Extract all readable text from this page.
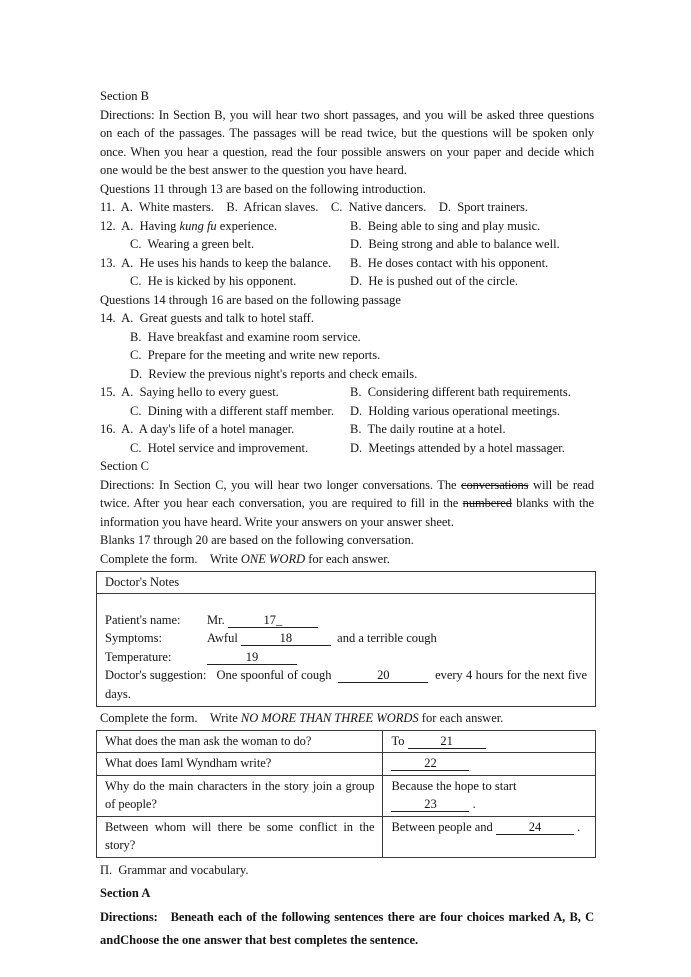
Section B
Directions: In Section B, you will hear two short passages, and you will be asked three questions
on each of the passages. The passages will be read twice, but the questions will be spoken only
once. When you hear a question, read the four possible answers on your paper and decide which
one would be the best answer to the question you have heard.
Questions 11 through 13 are based on the following introduction.
11.  A.  White masters.    B.  African slaves.    C.  Native dancers.    D.  Sport trainers.
12.  A.  Having kung fu experience.	B.  Being able to sing and play music.
C.  Wearing a green belt.	D.  Being strong and able to balance well.
13.  A.  He uses his hands to keep the balance.	B.  He doses contact with his opponent.
C.  He is kicked by his opponent.	D.  He is pushed out of the circle.
Questions 14 through 16 are based on the following passage
14.  A.  Great guests and talk to hotel staff.
B.  Have breakfast and examine room service.
C.  Prepare for the meeting and write new reports.
D.  Review the previous night's reports and check emails.
15.  A.  Saying hello to every guest.	B.  Considering different bath requirements.
C.  Dining with a different staff member.	D.  Holding various operational meetings.
16.  A.  A day's life of a hotel manager.	B.  The daily routine at a hotel.
C.  Hotel service and improvement.	D.  Meetings attended by a hotel massager.
Section C
Directions: In Section C, you will hear two longer conversations. The conversations will be read
twice. After you hear each conversation, you are required to fill in the numbered blanks with the
information you have heard. Write your answers on your answer sheet.
Blanks 17 through 20 are based on the following conversation.
Complete the form.    Write ONE WORD for each answer.
Doctor's Notes
Patient's name:	Mr.	17_
Symptoms:	Awful	18	and a terrible cough
Temperature:	19
Doctor's suggestion:   One spoonful of cough	20	every 4 hours for the next five days.
Complete the form.    Write NO MORE THAN THREE WORDS for each answer.
What does the man ask the woman to do?	To 21
What does Iaml Wyndham write?	22
Why do the main characters in the story join a group of people?	Because the hope to start 23 .
Between whom will there be some conflict in the story?	Between people and 24 .
Π.  Grammar and vocabulary.
Section A
Directions:   Beneath each of the following sentences there are four choices marked A, B, C
andChoose the one answer that best completes the sentence.
